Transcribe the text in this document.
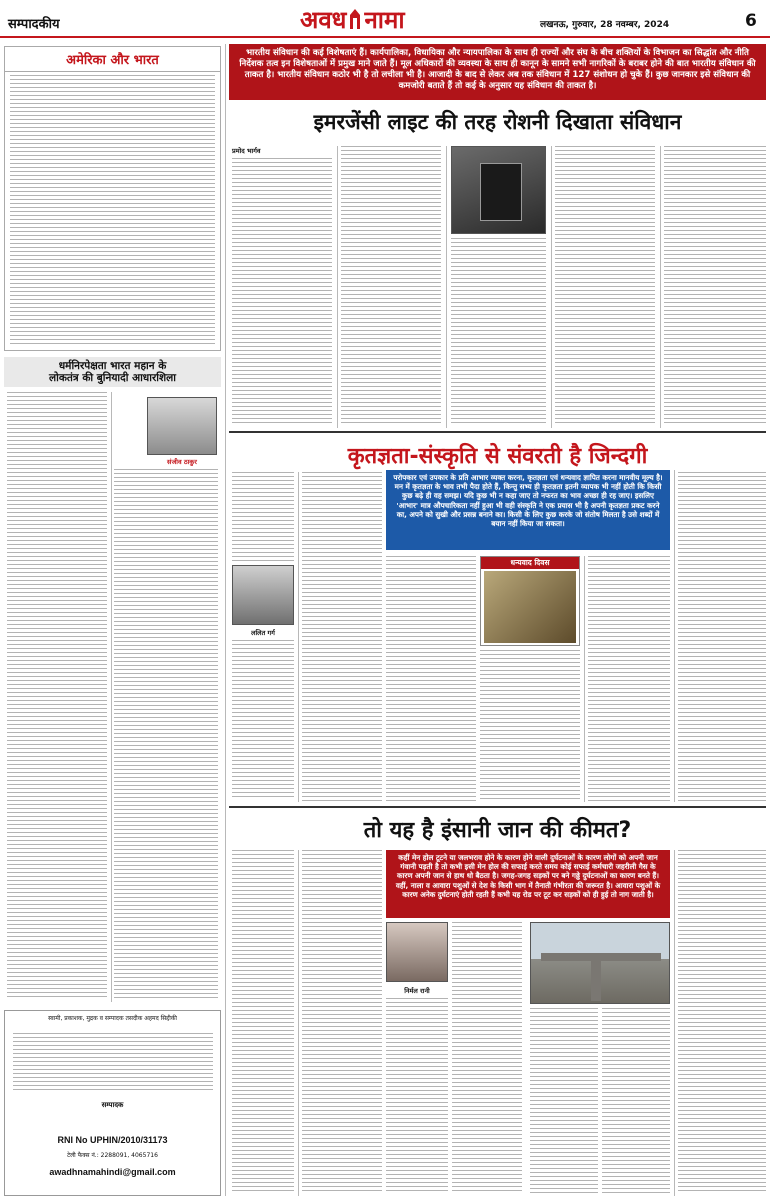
सम्पादकीय	अवध नामा	लखनऊ, गुरुवार, 28 नवम्बर, 2024	6
अमेरिका और भारत
धर्मनिरपेक्षता भारत महान के
लोकतंत्र की बुनियादी आधारशिला
संजीव ठाकुर
स्वामी, प्रकाशक, मुद्रक व सम्पादक तसदीक अहमद सिद्दीकी
सम्पादक
RNI No UPHIN/2010/31173
टेली फैक्स नं.: 2288091, 4065716
awadhnamahindi@gmail.com
भारतीय संविधान की कई विशेषताएं हैं। कार्यपालिका, विधायिका और न्यायपालिका के साथ ही राज्यों और संघ के बीच शक्तियों के विभाजन का सिद्धांत और नीति निर्देशक तत्व इन विशेषताओं में प्रमुख माने जाते हैं। मूल अधिकारों की व्यवस्था के साथ ही कानून के सामने सभी नागरिकों के बराबर होने की बात भारतीय संविधान की ताकत है। भारतीय संविधान कठोर भी है तो लचीला भी है। आजादी के बाद से लेकर अब तक संविधान में 127 संशोधन हो चुके हैं। कुछ जानकार इसे संविधान की कमजोरी बताते हैं तो कई के अनुसार यह संविधान की ताकत है।
इमरजेंसी लाइट की तरह रोशनी दिखाता संविधान
प्रमोद भार्गव
कृतज्ञता-संस्कृति से संवरती है जिन्दगी
ललित गर्ग
परोपकार एवं उपकार के प्रति आभार व्यक्त करना, कृतज्ञता एवं धन्यवाद ज्ञापित करना मानवीय मूल्य है। मन में कृतज्ञता के भाव तभी पैदा होते हैं, किन्तु सभ्य ही कृतज्ञता इतनी व्यापक भी नहीं होती कि किसी कुछ बढ़े ही वह समझ। यदि कुछ भी न कहा जाए तो नफरत का भाव अच्छा ही रह जाए। इसलिए 'आभार' मात्र औपचारिकता नहीं हुआ भी वही संस्कृति ने एक प्रयास भी है अपनी कृतज्ञता प्रकट करने का, अपने को सुखी और प्रसन्न बनाने का। किसी के लिए कुछ करके जो संतोष मिलता है उसे शब्दों में बयान नहीं किया जा सकता।
धन्यवाद दिवस
तो यह है इंसानी जान की कीमत?
निर्मल रानी
कहीं मेन होल टूटने या जलभराव होने के कारण होने वाली दुर्घटनाओं के कारण लोगों को अपनी जान गंवानी पड़ती है तो कभी इसी मेन होल की सफाई करते समय कोई सफाई कर्मचारी जहरीली गैस के कारण अपनी जान से हाथ धो बैठता है। जगह-जगह सड़कों पर बने गढ्ढे दुर्घटनाओं का कारण बनते हैं। वहीं, नाला व आवारा पशुओं से देश के किसी भाग में तैनाती गंभीरता की जरूरत है। आवारा पशुओं के कारण अनेक दुर्घटनाएं होती रहती हैं कभी यह रोड पर टूट कर सड़कों को ही हुई तो नाग जाती है।
